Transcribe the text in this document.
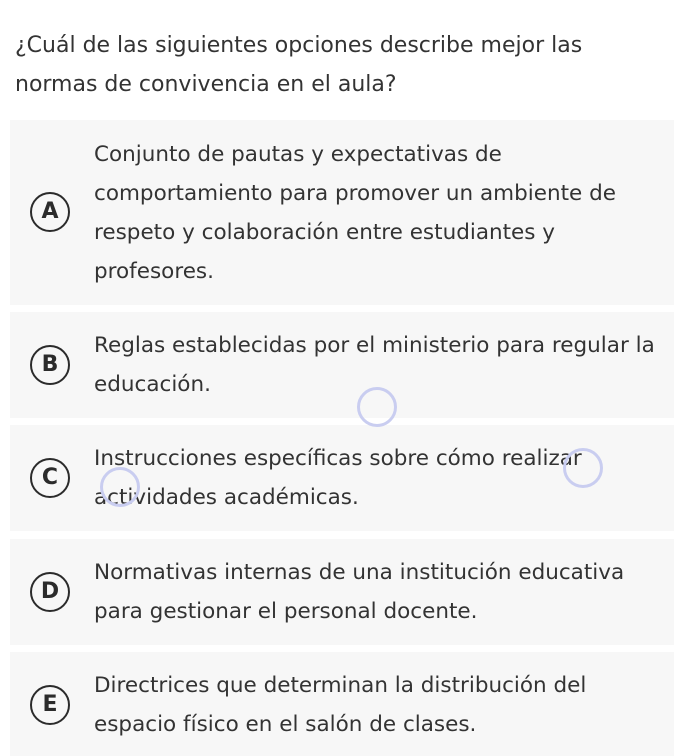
¿Cuál de las siguientes opciones describe mejor las normas de convivencia en el aula?
A
Conjunto de pautas y expectativas de comportamiento para promover un ambiente de respeto y colaboración entre estudiantes y profesores.
B
Reglas establecidas por el ministerio para regular la educación.
C
Instrucciones específicas sobre cómo realizar actividades académicas.
D
Normativas internas de una institución educativa para gestionar el personal docente.
E
Directrices que determinan la distribución del espacio físico en el salón de clases.
